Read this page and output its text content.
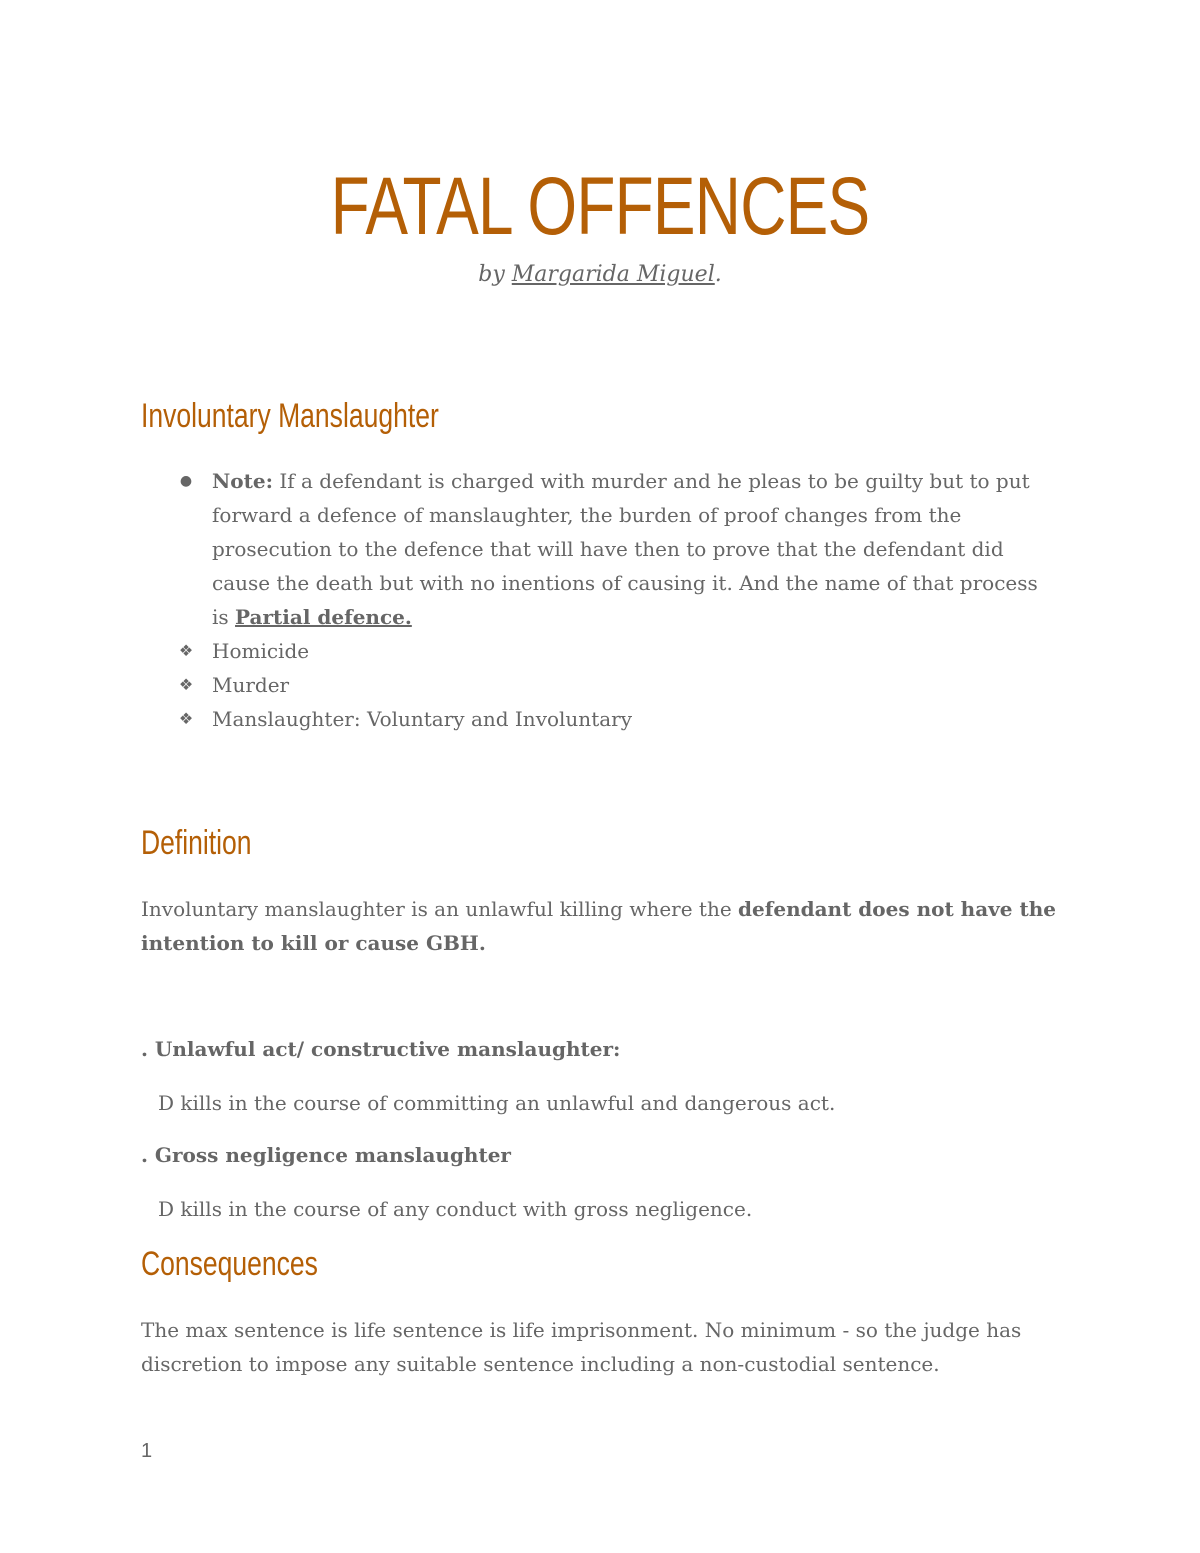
FATAL OFFENCES
by Margarida Miguel.
Involuntary Manslaughter
● Note: If a defendant is charged with murder and he pleas to be guilty but to put forward a defence of manslaughter, the burden of proof changes from the prosecution to the defence that will have then to prove that the defendant did cause the death but with no inentions of causing it. And the name of that process is Partial defence.
❖ Homicide
❖ Murder
❖ Manslaughter: Voluntary and Involuntary
Definition

Involuntary manslaughter is an unlawful killing where the defendant does not have the intention to kill or cause GBH.

. Unlawful act/ constructive manslaughter:

D kills in the course of committing an unlawful and dangerous act.

. Gross negligence manslaughter

D kills in the course of any conduct with gross negligence.

Consequences

The max sentence is life sentence is life imprisonment. No minimum - so the judge has discretion to impose any suitable sentence including a non-custodial sentence.

1
